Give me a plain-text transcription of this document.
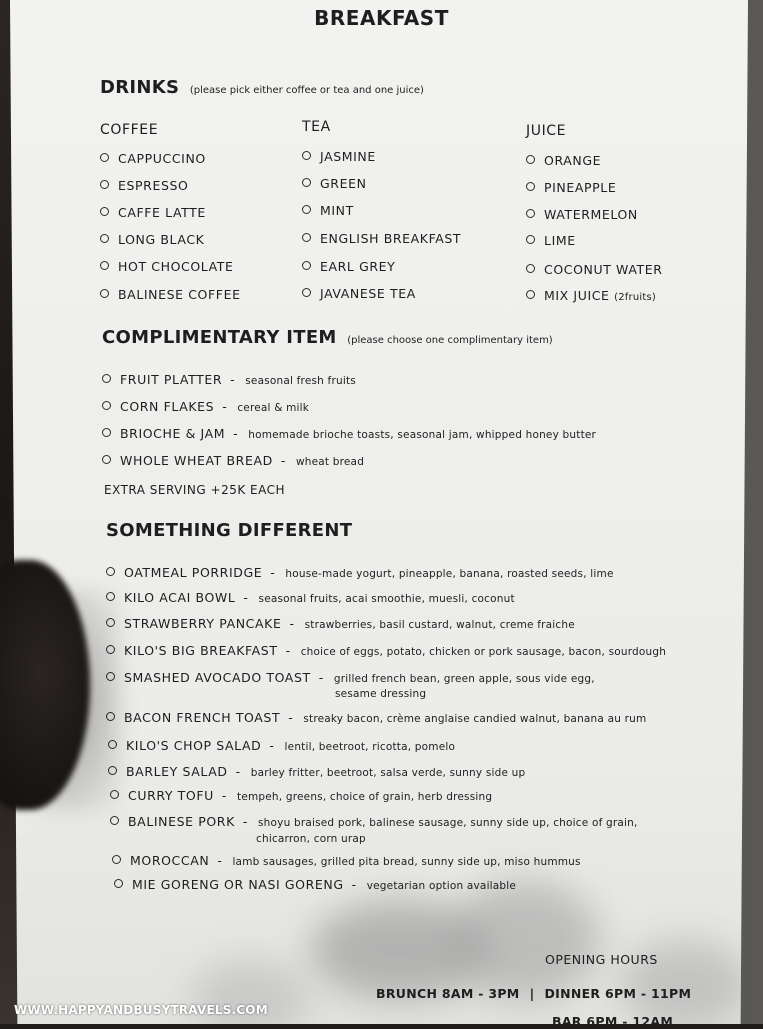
BREAKFAST
DRINKS (please pick either coffee or tea and one juice)
COFFEE	TEA	JUICE
CAPPUCCINO
ESPRESSO
CAFFE LATTE
LONG BLACK
HOT CHOCOLATE
BALINESE COFFEE
JASMINE
GREEN
MINT
ENGLISH BREAKFAST
EARL GREY
JAVANESE TEA
ORANGE
PINEAPPLE
WATERMELON
LIME
COCONUT WATER
MIX JUICE (2fruits)
COMPLIMENTARY ITEM (please choose one complimentary item)
FRUIT PLATTER - seasonal fresh fruits
CORN FLAKES - cereal & milk
BRIOCHE & JAM - homemade brioche toasts, seasonal jam, whipped honey butter
WHOLE WHEAT BREAD - wheat bread
EXTRA SERVING +25K EACH
SOMETHING DIFFERENT
OATMEAL PORRIDGE - house-made yogurt, pineapple, banana, roasted seeds, lime
KILO ACAI BOWL - seasonal fruits, acai smoothie, muesli, coconut
STRAWBERRY PANCAKE - strawberries, basil custard, walnut, creme fraiche
KILO'S BIG BREAKFAST - choice of eggs, potato, chicken or pork sausage, bacon, sourdough
SMASHED AVOCADO TOAST - grilled french bean, green apple, sous vide egg,
sesame dressing
BACON FRENCH TOAST - streaky bacon, crème anglaise candied walnut, banana au rum
KILO'S CHOP SALAD - lentil, beetroot, ricotta, pomelo
BARLEY SALAD - barley fritter, beetroot, salsa verde, sunny side up
CURRY TOFU - tempeh, greens, choice of grain, herb dressing
BALINESE PORK - shoyu braised pork, balinese sausage, sunny side up, choice of grain,
chicarron, corn urap
MOROCCAN - lamb sausages, grilled pita bread, sunny side up, miso hummus
MIE GORENG OR NASI GORENG - vegetarian option available
OPENING HOURS
BRUNCH 8AM - 3PM | DINNER 6PM - 11PM
BAR 6PM - 12AM
WWW.HAPPYANDBUSYTRAVELS.COM
